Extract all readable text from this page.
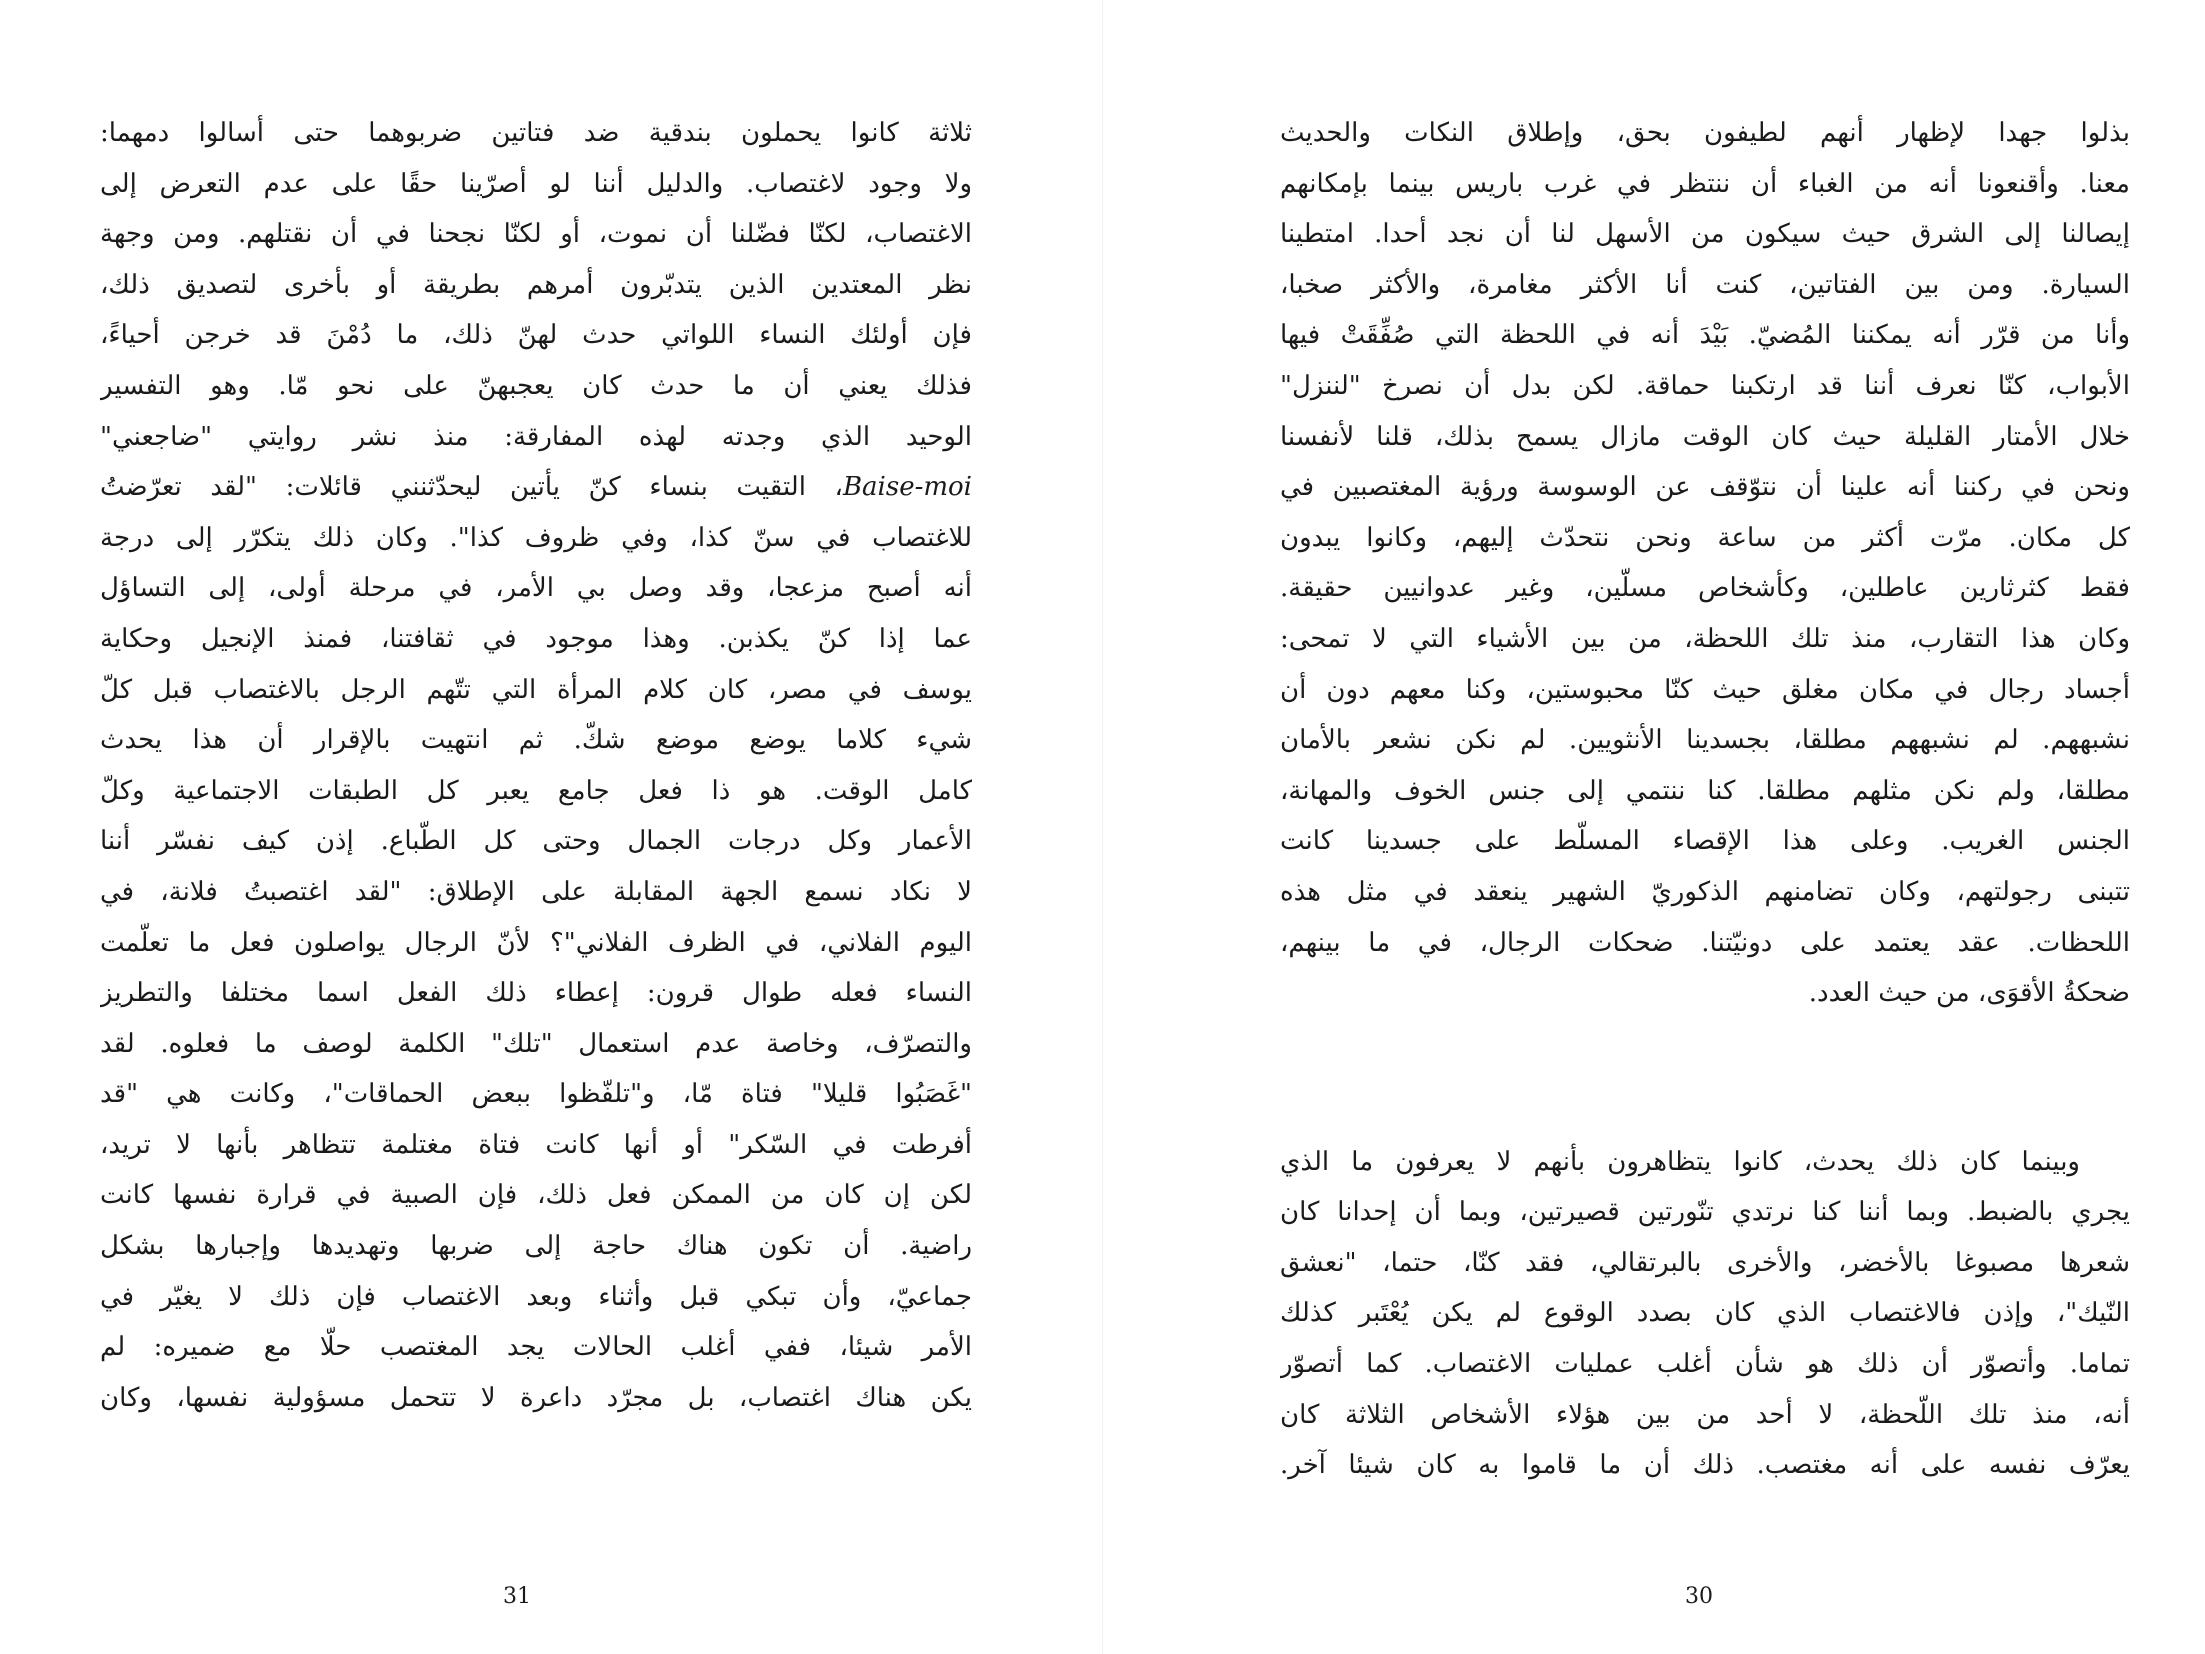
ثلاثة كانوا يحملون بندقية ضد فتاتين ضربوهما حتى أسالوا دمهما:
ولا وجود لاغتصاب. والدليل أننا لو أصرّينا حقًا على عدم التعرض إلى
الاغتصاب، لكنّا فضّلنا أن نموت، أو لكنّا نجحنا في أن نقتلهم. ومن وجهة
نظر المعتدين الذين يتدبّرون أمرهم بطريقة أو بأخرى لتصديق ذلك،
فإن أولئك النساء اللواتي حدث لهنّ ذلك، ما دُمْنَ قد خرجن أحياءً،
فذلك يعني أن ما حدث كان يعجبهنّ على نحو مّا. وهو التفسير
الوحيد الذي وجدته لهذه المفارقة: منذ نشر روايتي "ضاجعني"
Baise-moi، التقيت بنساء كنّ يأتين ليحدّثنني قائلات: "لقد تعرّضتُ
للاغتصاب في سنّ كذا، وفي ظروف كذا". وكان ذلك يتكرّر إلى درجة
أنه أصبح مزعجا، وقد وصل بي الأمر، في مرحلة أولى، إلى التساؤل
عما إذا كنّ يكذبن. وهذا موجود في ثقافتنا، فمنذ الإنجيل وحكاية
يوسف في مصر، كان كلام المرأة التي تتّهم الرجل بالاغتصاب قبل كلّ
شيء كلاما يوضع موضع شكّ. ثم انتهيت بالإقرار أن هذا يحدث
كامل الوقت. هو ذا فعل جامع يعبر كل الطبقات الاجتماعية وكلّ
الأعمار وكل درجات الجمال وحتى كل الطّباع. إذن كيف نفسّر أننا
لا نكاد نسمع الجهة المقابلة على الإطلاق: "لقد اغتصبتُ فلانة، في
اليوم الفلاني، في الظرف الفلاني"؟ لأنّ الرجال يواصلون فعل ما تعلّمت
النساء فعله طوال قرون: إعطاء ذلك الفعل اسما مختلفا والتطريز
والتصرّف، وخاصة عدم استعمال "تلك" الكلمة لوصف ما فعلوه. لقد
"غَصَبُوا قليلا" فتاة مّا، و"تلفّظوا ببعض الحماقات"، وكانت هي "قد
أفرطت في السّكر" أو أنها كانت فتاة مغتلمة تتظاهر بأنها لا تريد،
لكن إن كان من الممكن فعل ذلك، فإن الصبية في قرارة نفسها كانت
راضية. أن تكون هناك حاجة إلى ضربها وتهديدها وإجبارها بشكل
جماعيّ، وأن تبكي قبل وأثناء وبعد الاغتصاب فإن ذلك لا يغيّر في
الأمر شيئا، ففي أغلب الحالات يجد المغتصب حلّا مع ضميره: لم
يكن هناك اغتصاب، بل مجرّد داعرة لا تتحمل مسؤولية نفسها، وكان
31
بذلوا جهدا لإظهار أنهم لطيفون بحق، وإطلاق النكات والحديث
معنا. وأقنعونا أنه من الغباء أن ننتظر في غرب باريس بينما بإمكانهم
إيصالنا إلى الشرق حيث سيكون من الأسهل لنا أن نجد أحدا. امتطينا
السيارة. ومن بين الفتاتين، كنت أنا الأكثر مغامرة، والأكثر صخبا،
وأنا من قرّر أنه يمكننا المُضيّ. بَيْدَ أنه في اللحظة التي صُفِّقَتْ فيها
الأبواب، كنّا نعرف أننا قد ارتكبنا حماقة. لكن بدل أن نصرخ "لننزل"
خلال الأمتار القليلة حيث كان الوقت مازال يسمح بذلك، قلنا لأنفسنا
ونحن في ركننا أنه علينا أن نتوّقف عن الوسوسة ورؤية المغتصبين في
كل مكان. مرّت أكثر من ساعة ونحن نتحدّث إليهم، وكانوا يبدون
فقط كثرثارين عاطلين، وكأشخاص مسلّين، وغير عدوانيين حقيقة.
وكان هذا التقارب، منذ تلك اللحظة، من بين الأشياء التي لا تمحى:
أجساد رجال في مكان مغلق حيث كنّا محبوستين، وكنا معهم دون أن
نشبههم. لم نشبههم مطلقا، بجسدينا الأنثويين. لم نكن نشعر بالأمان
مطلقا، ولم نكن مثلهم مطلقا. كنا ننتمي إلى جنس الخوف والمهانة،
الجنس الغريب. وعلى هذا الإقصاء المسلّط على جسدينا كانت
تتبنى رجولتهم، وكان تضامنهم الذكوريّ الشهير ينعقد في مثل هذه
اللحظات. عقد يعتمد على دونيّتنا. ضحكات الرجال، في ما بينهم،
ضحكةُ الأقوَى، من حيث العدد.
وبينما كان ذلك يحدث، كانوا يتظاهرون بأنهم لا يعرفون ما الذي
يجري بالضبط. وبما أننا كنا نرتدي تنّورتين قصيرتين، وبما أن إحدانا كان
شعرها مصبوغا بالأخضر، والأخرى بالبرتقالي، فقد كنّا، حتما، "نعشق
النّيك"، وإذن فالاغتصاب الذي كان بصدد الوقوع لم يكن يُعْتَبر كذلك
تماما. وأتصوّر أن ذلك هو شأن أغلب عمليات الاغتصاب. كما أتصوّر
أنه، منذ تلك اللّحظة، لا أحد من بين هؤلاء الأشخاص الثلاثة كان
يعرّف نفسه على أنه مغتصب. ذلك أن ما قاموا به كان شيئا آخر.
30
